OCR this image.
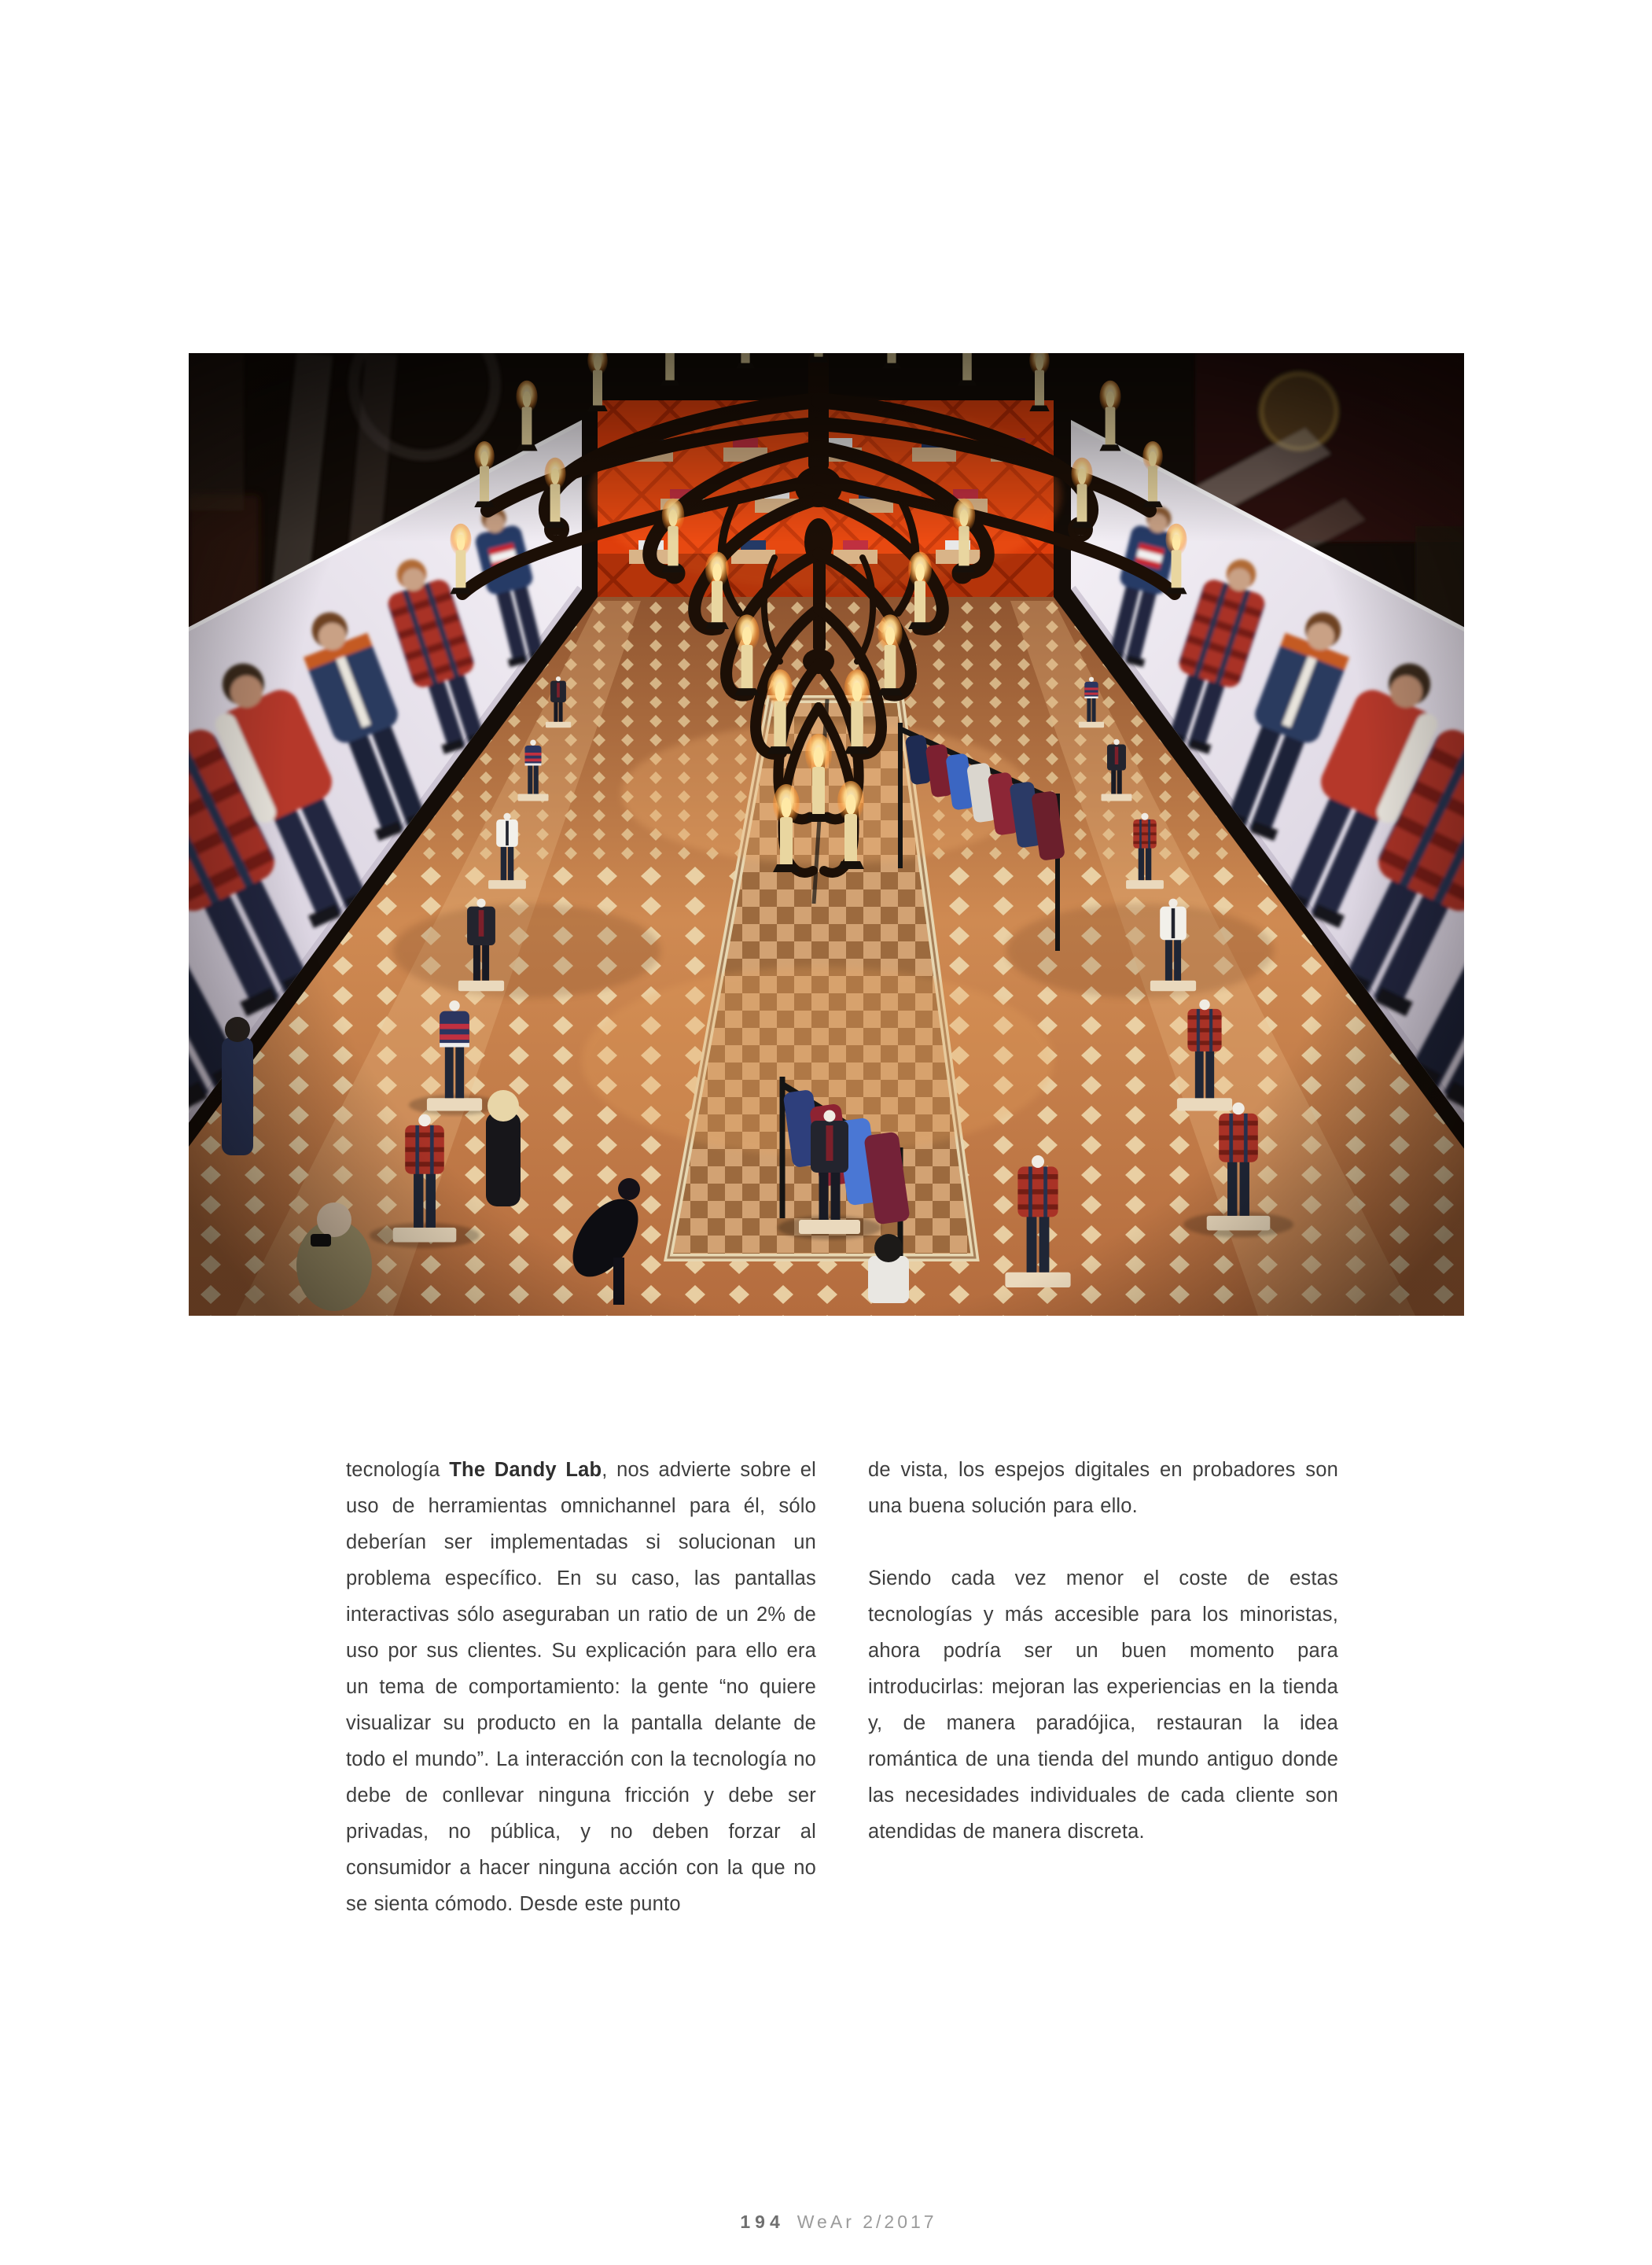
tecnología The Dandy Lab, nos advierte sobre el uso de herramientas omnichannel para él, sólo deberían ser implementadas si solucionan un problema específico. En su caso, las pantallas interactivas sólo aseguraban un ratio de un 2% de uso por sus clientes. Su explicación para ello era un tema de comportamiento: la gente “no quiere visualizar su producto en la pantalla delante de todo el mundo”. La interacción con la tecnología no debe de conllevar ninguna fricción y debe ser privadas, no pública, y no deben forzar al consumidor a hacer ninguna acción con la que no se sienta cómodo. Desde este punto

de vista, los espejos digitales en probadores son una buena solución para ello.

Siendo cada vez menor el coste de estas tecnologías y más accesible para los minoristas, ahora podría ser un buen momento para introducirlas: mejoran las experiencias en la tienda y, de manera paradójica, restauran la idea romántica de una tienda del mundo antiguo donde las necesidades individuales de cada cliente son atendidas de manera discreta.

194 WeAr 2/2017
